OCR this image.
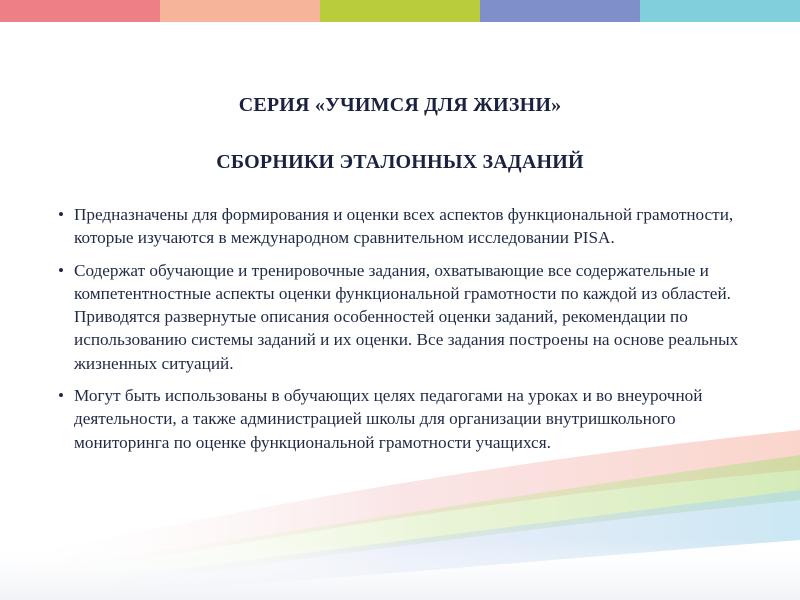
СЕРИЯ «УЧИМСЯ ДЛЯ ЖИЗНИ»
СБОРНИКИ ЭТАЛОННЫХ ЗАДАНИЙ
• Предназначены для формирования и оценки всех аспектов функциональной грамотности, которые изучаются в международном сравнительном исследовании PISA.
• Содержат обучающие и тренировочные задания, охватывающие все содержательные и компетентностные аспекты оценки функциональной грамотности по каждой из областей. Приводятся развернутые описания особенностей оценки заданий, рекомендации по использованию системы заданий и их оценки. Все задания построены на основе реальных жизненных ситуаций.
• Могут быть использованы в обучающих целях педагогами на уроках и во внеурочной деятельности, а также администрацией школы для организации внутришкольного мониторинга по оценке функциональной грамотности учащихся.
